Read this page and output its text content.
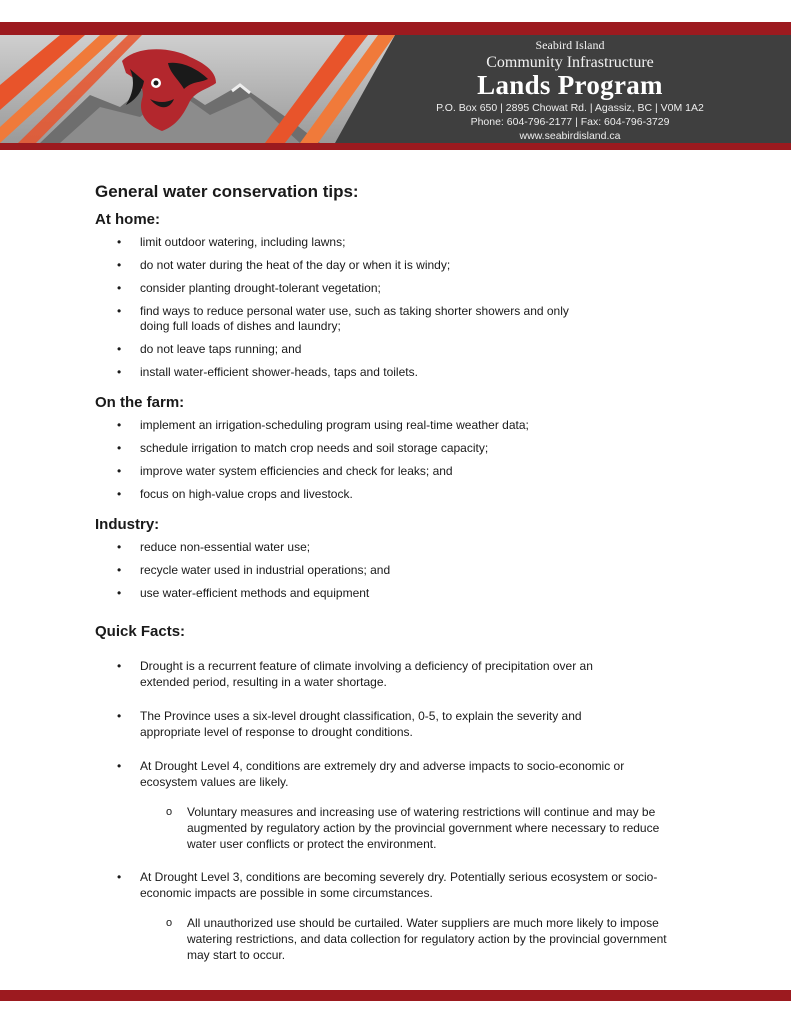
Seabird Island
Community Infrastructure
Lands Program
P.O. Box 650 | 2895 Chowat Rd. | Agassiz, BC | V0M 1A2
Phone: 604-796-2177 | Fax: 604-796-3729
www.seabirdisland.ca
General water conservation tips:
At home:
• limit outdoor watering, including lawns;
• do not water during the heat of the day or when it is windy;
• consider planting drought-tolerant vegetation;
• find ways to reduce personal water use, such as taking shorter showers and only doing full loads of dishes and laundry;
• do not leave taps running; and
• install water-efficient shower-heads, taps and toilets.
On the farm:
• implement an irrigation-scheduling program using real-time weather data;
• schedule irrigation to match crop needs and soil storage capacity;
• improve water system efficiencies and check for leaks; and
• focus on high-value crops and livestock.
Industry:
• reduce non-essential water use;
• recycle water used in industrial operations; and
• use water-efficient methods and equipment
Quick Facts:
• Drought is a recurrent feature of climate involving a deficiency of precipitation over an extended period, resulting in a water shortage.
• The Province uses a six-level drought classification, 0-5, to explain the severity and appropriate level of response to drought conditions.
• At Drought Level 4, conditions are extremely dry and adverse impacts to socio-economic or ecosystem values are likely.
o Voluntary measures and increasing use of watering restrictions will continue and may be augmented by regulatory action by the provincial government where necessary to reduce water user conflicts or protect the environment.
• At Drought Level 3, conditions are becoming severely dry. Potentially serious ecosystem or socio-economic impacts are possible in some circumstances.
o All unauthorized use should be curtailed. Water suppliers are much more likely to impose watering restrictions, and data collection for regulatory action by the provincial government may start to occur.
